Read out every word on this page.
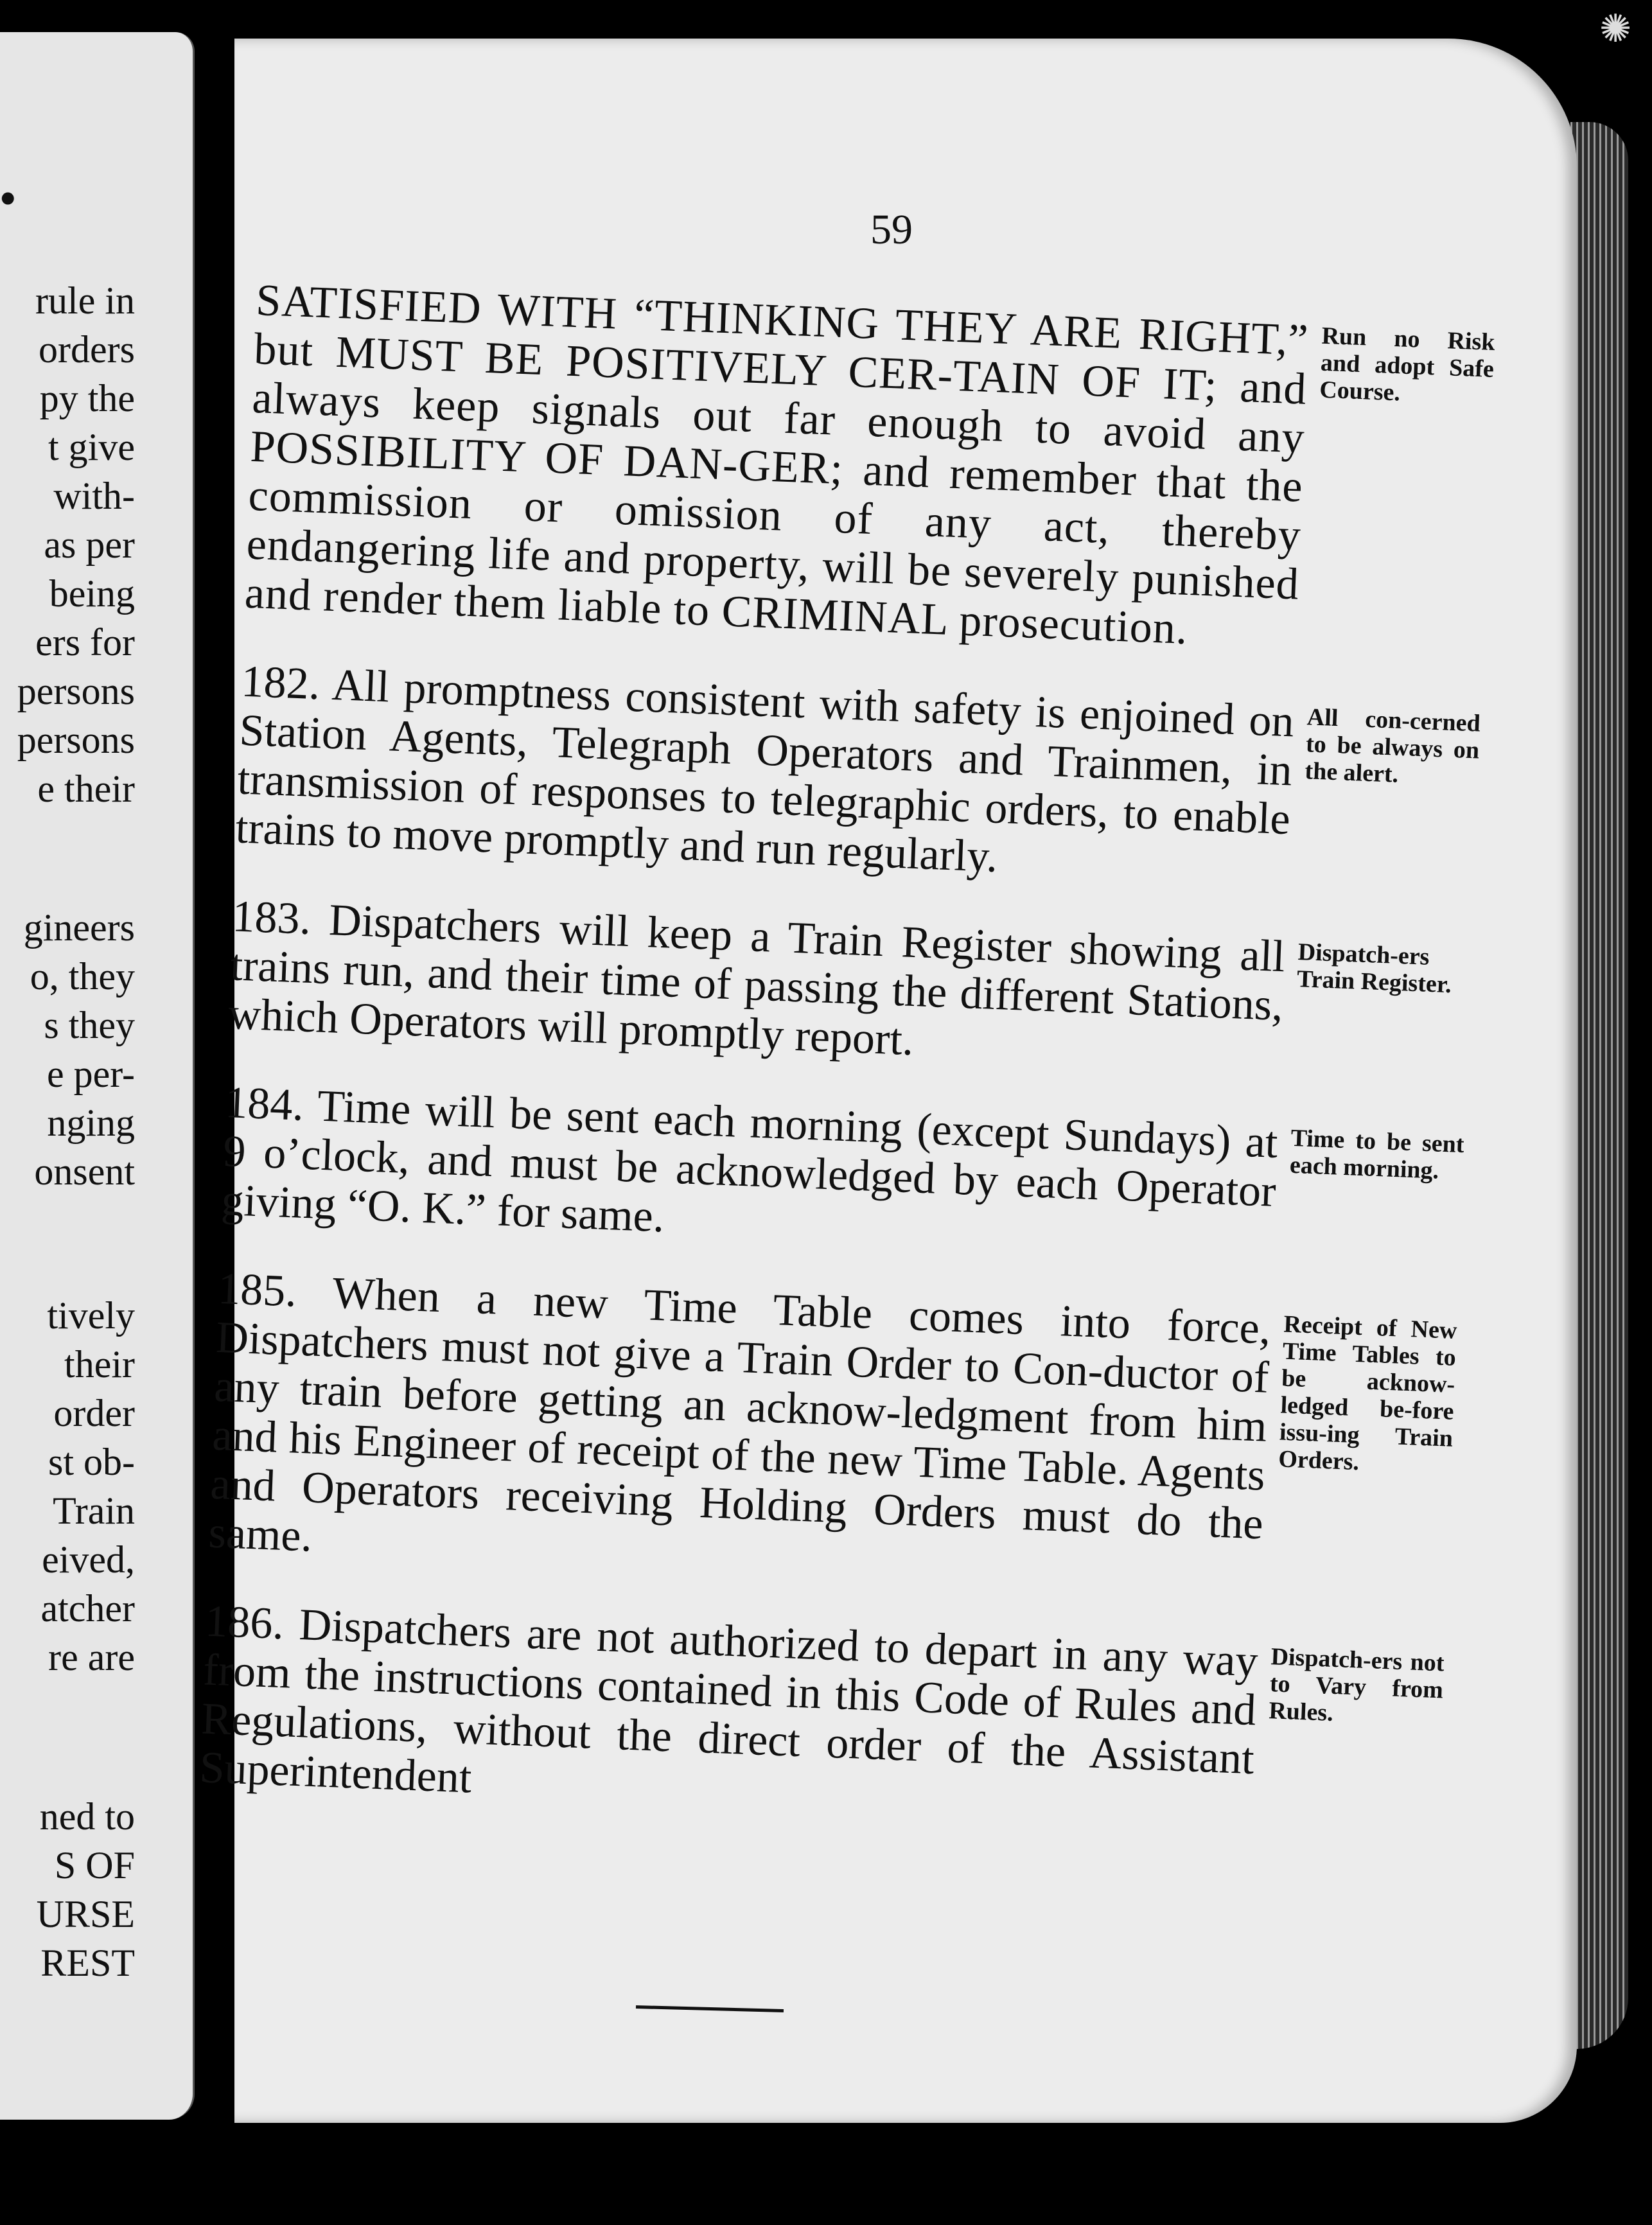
•
rule in
orders
py the
t give
with-
as per
being
ers for
persons
persons
e their
gineers
o, they
s they
e per-
nging
onsent
tively
their
order
st ob-
Train
eived,
atcher
re are
ned to
S OF
URSE
REST
✺
59
SATISFIED WITH “THINKING THEY ARE RIGHT,” but MUST BE POSITIVELY CER-TAIN OF IT; and always keep signals out far enough to avoid any POSSIBILITY OF DAN-GER; and remember that the commission or omission of any act, thereby endangering life and property, will be severely punished and render them liable to CRIMINAL prosecution.
Run no Risk and adopt Safe Course.
182. All promptness consistent with safety is enjoined on Station Agents, Telegraph Operators and Trainmen, in transmission of responses to telegraphic orders, to enable trains to move promptly and run regularly.
All con-cerned to be always on the alert.
183. Dispatchers will keep a Train Register showing all trains run, and their time of passing the different Stations, which Operators will promptly report.
Dispatch-ers Train Register.
184. Time will be sent each morning (except Sundays) at 9 o’clock, and must be acknowledged by each Operator giving “O. K.” for same.
Time to be sent each morning.
185. When a new Time Table comes into force, Dispatchers must not give a Train Order to Con-ductor of any train before getting an acknow-ledgment from him and his Engineer of receipt of the new Time Table. Agents and Operators receiving Holding Orders must do the same.
Receipt of New Time Tables to be acknow-ledged be-fore issu-ing Train Orders.
186. Dispatchers are not authorized to depart in any way from the instructions contained in this Code of Rules and Regulations, without the direct order of the Assistant Superintendent
Dispatch-ers not to Vary from Rules.
